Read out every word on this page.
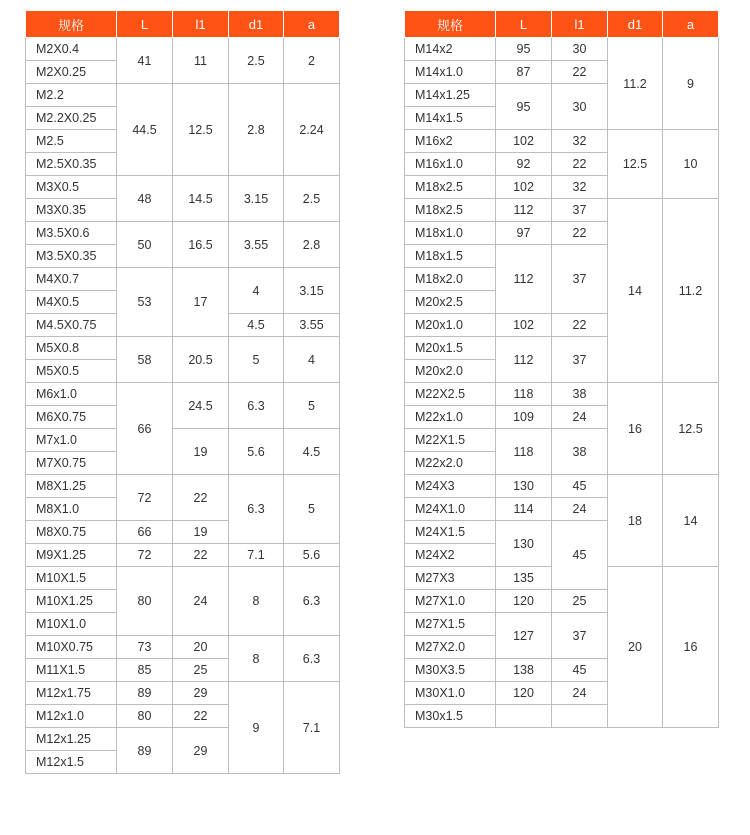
规格	L	l1	d1	a
M2X0.4	41	11	2.5	2
M2X0.25				
M2.2	44.5	12.5	2.8	2.24
M2.2X0.25				
M2.5				
M2.5X0.35				
M3X0.5	48	14.5	3.15	2.5
M3X0.35				
M3.5X0.6	50	16.5	3.55	2.8
M3.5X0.35				
M4X0.7	53	17	4	3.15
M4X0.5				
M4.5X0.75			4.5	3.55
M5X0.8	58	20.5	5	4
M5X0.5				
M6x1.0	66	24.5	6.3	5
M6X0.75				
M7x1.0		19	5.6	4.5
M7X0.75				
M8X1.25	72	22	6.3	5
M8X1.0				
M8X0.75	66	19		
M9X1.25	72	22	7.1	5.6
M10X1.5	80	24	8	6.3
M10X1.25				
M10X1.0				
M10X0.75	73	20	8	6.3
M11X1.5	85	25		
M12x1.75	89	29	9	7.1
M12x1.0	80	22		
M12x1.25	89	29		
M12x1.5				
规格	L	l1	d1	a
M14x2	95	30	11.2	9
M14x1.0	87	22		
M14x1.25	95	30		
M14x1.5				
M16x2	102	32	12.5	10
M16x1.0	92	22		
M18x2.5	102	32		
M18x2.5	112	37	14	11.2
M18x1.0	97	22		
M18x1.5	112	37		
M18x2.0				
M20x2.5				
M20x1.0	102	22		
M20x1.5	112	37		
M20x2.0				
M22X2.5	118	38	16	12.5
M22x1.0	109	24		
M22X1.5	118	38		
M22x2.0				
M24X3	130	45	18	14
M24X1.0	114	24		
M24X1.5	130	45		
M24X2				
M27X3	135		20	16
M27X1.0	120	25		
M27X1.5	127	37		
M27X2.0				
M30X3.5	138	45		
M30X1.0	120	24		
M30x1.5				
